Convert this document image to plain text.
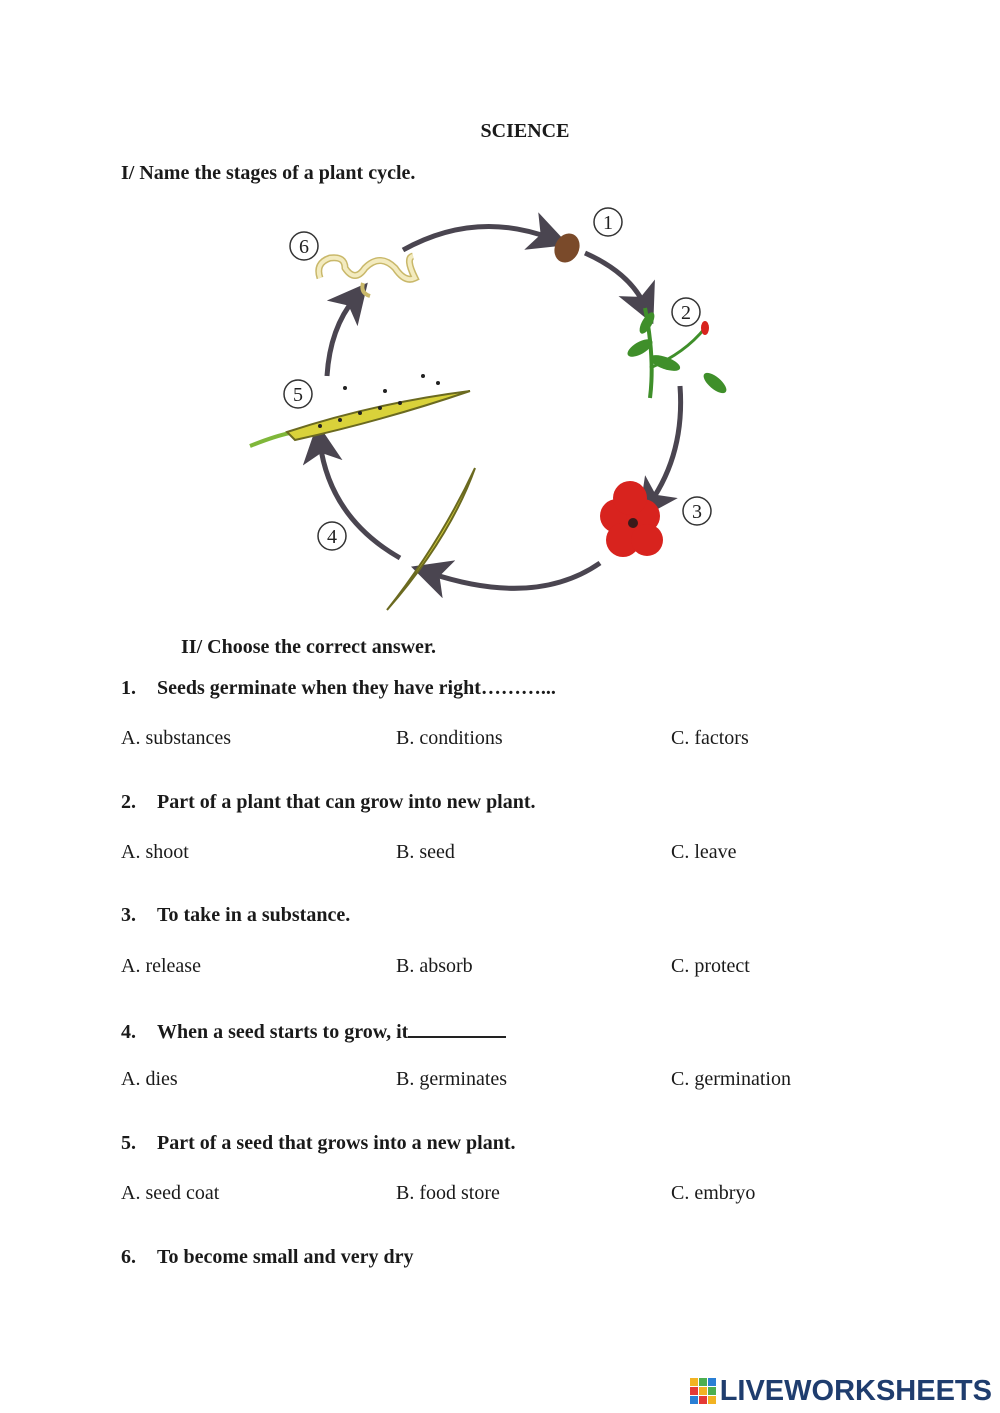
SCIENCE
I/ Name the stages of a plant cycle.
1
2
3
4
5
6
II/ Choose the correct answer.
1. Seeds germinate when they have right………...
A. substances	B. conditions	C. factors
2. Part of a plant that can grow into new plant.
A. shoot	B. seed	C. leave
3. To take in a substance.
A. release	B. absorb	C. protect
4. When a seed starts to grow, it
A. dies	B. germinates	C. germination
5. Part of a seed that grows into a new plant.
A. seed coat	B. food store	C. embryo
6. To become small and very dry
LIVEWORKSHEETS
